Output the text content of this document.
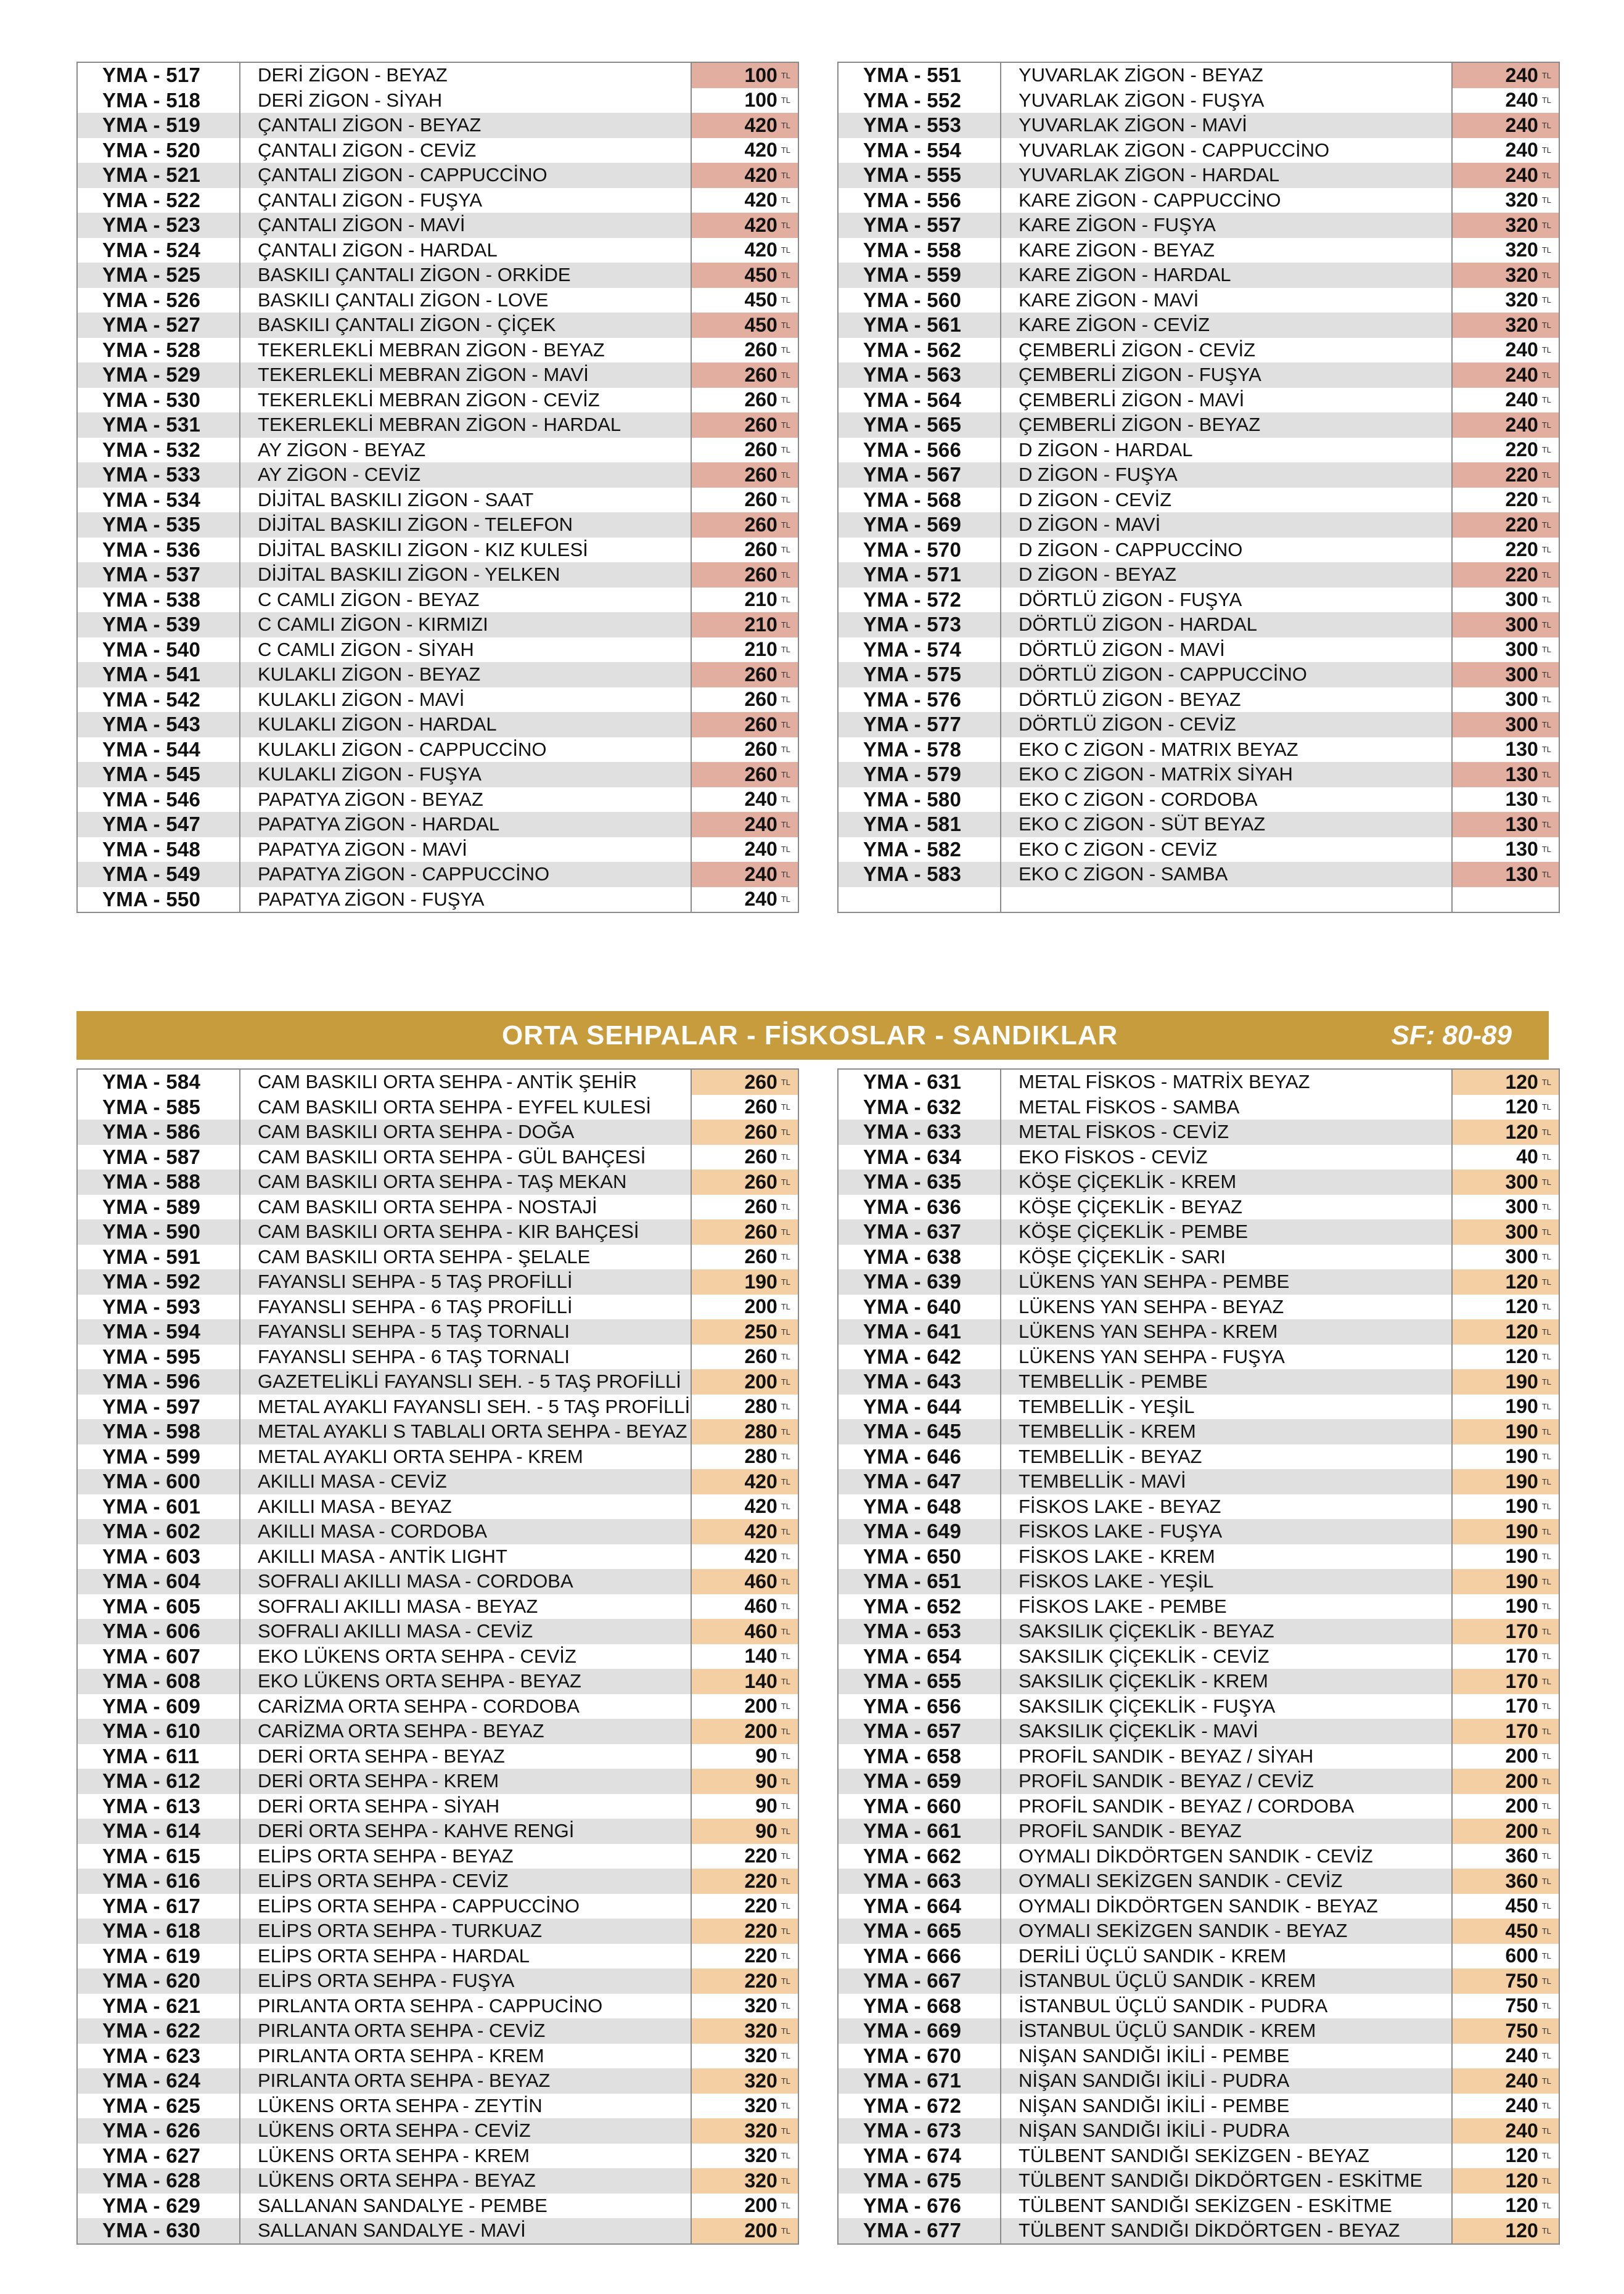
YMA - 517	DERİ ZİGON - BEYAZ	100 TL
YMA - 518	DERİ ZİGON - SİYAH	100 TL
YMA - 519	ÇANTALI ZİGON - BEYAZ	420 TL
YMA - 520	ÇANTALI ZİGON - CEVİZ	420 TL
YMA - 521	ÇANTALI ZİGON - CAPPUCCİNO	420 TL
YMA - 522	ÇANTALI ZİGON - FUŞYA	420 TL
YMA - 523	ÇANTALI ZİGON - MAVİ	420 TL
YMA - 524	ÇANTALI ZİGON - HARDAL	420 TL
YMA - 525	BASKILI ÇANTALI ZİGON - ORKİDE	450 TL
YMA - 526	BASKILI ÇANTALI ZİGON - LOVE	450 TL
YMA - 527	BASKILI ÇANTALI ZİGON - ÇİÇEK	450 TL
YMA - 528	TEKERLEKLİ MEBRAN ZİGON - BEYAZ	260 TL
YMA - 529	TEKERLEKLİ MEBRAN ZİGON - MAVİ	260 TL
YMA - 530	TEKERLEKLİ MEBRAN ZİGON - CEVİZ	260 TL
YMA - 531	TEKERLEKLİ MEBRAN ZİGON - HARDAL	260 TL
YMA - 532	AY ZİGON - BEYAZ	260 TL
YMA - 533	AY ZİGON - CEVİZ	260 TL
YMA - 534	DİJİTAL BASKILI ZİGON - SAAT	260 TL
YMA - 535	DİJİTAL BASKILI ZİGON - TELEFON	260 TL
YMA - 536	DİJİTAL BASKILI ZİGON - KIZ KULESİ	260 TL
YMA - 537	DİJİTAL BASKILI ZİGON - YELKEN	260 TL
YMA - 538	C CAMLI ZİGON - BEYAZ	210 TL
YMA - 539	C CAMLI ZİGON - KIRMIZI	210 TL
YMA - 540	C CAMLI ZİGON - SİYAH	210 TL
YMA - 541	KULAKLI ZİGON - BEYAZ	260 TL
YMA - 542	KULAKLI ZİGON - MAVİ	260 TL
YMA - 543	KULAKLI ZİGON - HARDAL	260 TL
YMA - 544	KULAKLI ZİGON - CAPPUCCİNO	260 TL
YMA - 545	KULAKLI ZİGON - FUŞYA	260 TL
YMA - 546	PAPATYA ZİGON - BEYAZ	240 TL
YMA - 547	PAPATYA ZİGON - HARDAL	240 TL
YMA - 548	PAPATYA ZİGON - MAVİ	240 TL
YMA - 549	PAPATYA ZİGON - CAPPUCCİNO	240 TL
YMA - 550	PAPATYA ZİGON - FUŞYA	240 TL
YMA - 551	YUVARLAK ZİGON - BEYAZ	240 TL
YMA - 552	YUVARLAK ZİGON - FUŞYA	240 TL
YMA - 553	YUVARLAK ZİGON - MAVİ	240 TL
YMA - 554	YUVARLAK ZİGON - CAPPUCCİNO	240 TL
YMA - 555	YUVARLAK ZİGON - HARDAL	240 TL
YMA - 556	KARE ZİGON - CAPPUCCİNO	320 TL
YMA - 557	KARE ZİGON - FUŞYA	320 TL
YMA - 558	KARE ZİGON - BEYAZ	320 TL
YMA - 559	KARE ZİGON - HARDAL	320 TL
YMA - 560	KARE ZİGON - MAVİ	320 TL
YMA - 561	KARE ZİGON - CEVİZ	320 TL
YMA - 562	ÇEMBERLİ ZİGON - CEVİZ	240 TL
YMA - 563	ÇEMBERLİ ZİGON - FUŞYA	240 TL
YMA - 564	ÇEMBERLİ ZİGON - MAVİ	240 TL
YMA - 565	ÇEMBERLİ ZİGON - BEYAZ	240 TL
YMA - 566	D ZİGON - HARDAL	220 TL
YMA - 567	D ZİGON - FUŞYA	220 TL
YMA - 568	D ZİGON - CEVİZ	220 TL
YMA - 569	D ZİGON - MAVİ	220 TL
YMA - 570	D ZİGON - CAPPUCCİNO	220 TL
YMA - 571	D ZİGON - BEYAZ	220 TL
YMA - 572	DÖRTLÜ ZİGON - FUŞYA	300 TL
YMA - 573	DÖRTLÜ ZİGON - HARDAL	300 TL
YMA - 574	DÖRTLÜ ZİGON - MAVİ	300 TL
YMA - 575	DÖRTLÜ ZİGON - CAPPUCCİNO	300 TL
YMA - 576	DÖRTLÜ ZİGON - BEYAZ	300 TL
YMA - 577	DÖRTLÜ ZİGON - CEVİZ	300 TL
YMA - 578	EKO C ZİGON - MATRIX BEYAZ	130 TL
YMA - 579	EKO C ZİGON - MATRİX SİYAH	130 TL
YMA - 580	EKO C ZİGON - CORDOBA	130 TL
YMA - 581	EKO C ZİGON - SÜT BEYAZ	130 TL
YMA - 582	EKO C ZİGON - CEVİZ	130 TL
YMA - 583	EKO C ZİGON - SAMBA	130 TL
ORTA SEHPALAR - FİSKOSLAR - SANDIKLAR	SF: 80-89
YMA - 584	CAM BASKILI ORTA SEHPA - ANTİK ŞEHİR	260 TL
YMA - 585	CAM BASKILI ORTA SEHPA - EYFEL KULESİ	260 TL
YMA - 586	CAM BASKILI ORTA SEHPA - DOĞA	260 TL
YMA - 587	CAM BASKILI ORTA SEHPA - GÜL BAHÇESİ	260 TL
YMA - 588	CAM BASKILI ORTA SEHPA - TAŞ MEKAN	260 TL
YMA - 589	CAM BASKILI ORTA SEHPA - NOSTAJİ	260 TL
YMA - 590	CAM BASKILI ORTA SEHPA - KIR BAHÇESİ	260 TL
YMA - 591	CAM BASKILI ORTA SEHPA - ŞELALE	260 TL
YMA - 592	FAYANSLI SEHPA - 5 TAŞ PROFİLLİ	190 TL
YMA - 593	FAYANSLI SEHPA - 6 TAŞ PROFİLLİ	200 TL
YMA - 594	FAYANSLI SEHPA - 5 TAŞ TORNALI	250 TL
YMA - 595	FAYANSLI SEHPA - 6 TAŞ TORNALI	260 TL
YMA - 596	GAZETELİKLİ FAYANSLI SEH. - 5 TAŞ PROFİLLİ	200 TL
YMA - 597	METAL AYAKLI FAYANSLI SEH. - 5 TAŞ PROFİLLİ	280 TL
YMA - 598	METAL AYAKLI S TABLALI ORTA SEHPA - BEYAZ	280 TL
YMA - 599	METAL AYAKLI ORTA SEHPA - KREM	280 TL
YMA - 600	AKILLI MASA - CEVİZ	420 TL
YMA - 601	AKILLI MASA - BEYAZ	420 TL
YMA - 602	AKILLI MASA - CORDOBA	420 TL
YMA - 603	AKILLI MASA - ANTİK LIGHT	420 TL
YMA - 604	SOFRALI AKILLI MASA - CORDOBA	460 TL
YMA - 605	SOFRALI AKILLI MASA - BEYAZ	460 TL
YMA - 606	SOFRALI AKILLI MASA - CEVİZ	460 TL
YMA - 607	EKO LÜKENS ORTA SEHPA - CEVİZ	140 TL
YMA - 608	EKO LÜKENS ORTA SEHPA - BEYAZ	140 TL
YMA - 609	CARİZMA ORTA SEHPA - CORDOBA	200 TL
YMA - 610	CARİZMA ORTA SEHPA - BEYAZ	200 TL
YMA - 611	DERİ ORTA SEHPA - BEYAZ	90 TL
YMA - 612	DERİ ORTA SEHPA - KREM	90 TL
YMA - 613	DERİ ORTA SEHPA - SİYAH	90 TL
YMA - 614	DERİ ORTA SEHPA - KAHVE RENGİ	90 TL
YMA - 615	ELİPS ORTA SEHPA - BEYAZ	220 TL
YMA - 616	ELİPS ORTA SEHPA - CEVİZ	220 TL
YMA - 617	ELİPS ORTA SEHPA - CAPPUCCİNO	220 TL
YMA - 618	ELİPS ORTA SEHPA - TURKUAZ	220 TL
YMA - 619	ELİPS ORTA SEHPA - HARDAL	220 TL
YMA - 620	ELİPS ORTA SEHPA - FUŞYA	220 TL
YMA - 621	PIRLANTA ORTA SEHPA - CAPPUCİNO	320 TL
YMA - 622	PIRLANTA ORTA SEHPA - CEVİZ	320 TL
YMA - 623	PIRLANTA ORTA SEHPA - KREM	320 TL
YMA - 624	PIRLANTA ORTA SEHPA - BEYAZ	320 TL
YMA - 625	LÜKENS ORTA SEHPA - ZEYTİN	320 TL
YMA - 626	LÜKENS ORTA SEHPA - CEVİZ	320 TL
YMA - 627	LÜKENS ORTA SEHPA - KREM	320 TL
YMA - 628	LÜKENS ORTA SEHPA - BEYAZ	320 TL
YMA - 629	SALLANAN SANDALYE - PEMBE	200 TL
YMA - 630	SALLANAN SANDALYE - MAVİ	200 TL
YMA - 631	METAL FİSKOS - MATRİX BEYAZ	120 TL
YMA - 632	METAL FİSKOS - SAMBA	120 TL
YMA - 633	METAL FİSKOS - CEVİZ	120 TL
YMA - 634	EKO FİSKOS - CEVİZ	40 TL
YMA - 635	KÖŞE ÇİÇEKLİK - KREM	300 TL
YMA - 636	KÖŞE ÇİÇEKLİK - BEYAZ	300 TL
YMA - 637	KÖŞE ÇİÇEKLİK - PEMBE	300 TL
YMA - 638	KÖŞE ÇİÇEKLİK - SARI	300 TL
YMA - 639	LÜKENS YAN SEHPA - PEMBE	120 TL
YMA - 640	LÜKENS YAN SEHPA - BEYAZ	120 TL
YMA - 641	LÜKENS YAN SEHPA - KREM	120 TL
YMA - 642	LÜKENS YAN SEHPA - FUŞYA	120 TL
YMA - 643	TEMBELLİK - PEMBE	190 TL
YMA - 644	TEMBELLİK - YEŞİL	190 TL
YMA - 645	TEMBELLİK - KREM	190 TL
YMA - 646	TEMBELLİK - BEYAZ	190 TL
YMA - 647	TEMBELLİK - MAVİ	190 TL
YMA - 648	FİSKOS LAKE - BEYAZ	190 TL
YMA - 649	FİSKOS LAKE - FUŞYA	190 TL
YMA - 650	FİSKOS LAKE - KREM	190 TL
YMA - 651	FİSKOS LAKE - YEŞİL	190 TL
YMA - 652	FİSKOS LAKE - PEMBE	190 TL
YMA - 653	SAKSILIK ÇİÇEKLİK - BEYAZ	170 TL
YMA - 654	SAKSILIK ÇİÇEKLİK - CEVİZ	170 TL
YMA - 655	SAKSILIK ÇİÇEKLİK - KREM	170 TL
YMA - 656	SAKSILIK ÇİÇEKLİK - FUŞYA	170 TL
YMA - 657	SAKSILIK ÇİÇEKLİK - MAVİ	170 TL
YMA - 658	PROFİL SANDIK - BEYAZ / SİYAH	200 TL
YMA - 659	PROFİL SANDIK - BEYAZ / CEVİZ	200 TL
YMA - 660	PROFİL SANDIK - BEYAZ / CORDOBA	200 TL
YMA - 661	PROFİL SANDIK - BEYAZ	200 TL
YMA - 662	OYMALI DİKDÖRTGEN SANDIK - CEVİZ	360 TL
YMA - 663	OYMALI SEKİZGEN SANDIK - CEVİZ	360 TL
YMA - 664	OYMALI DİKDÖRTGEN SANDIK - BEYAZ	450 TL
YMA - 665	OYMALI SEKİZGEN SANDIK - BEYAZ	450 TL
YMA - 666	DERİLİ ÜÇLÜ SANDIK - KREM	600 TL
YMA - 667	İSTANBUL ÜÇLÜ SANDIK - KREM	750 TL
YMA - 668	İSTANBUL ÜÇLÜ SANDIK - PUDRA	750 TL
YMA - 669	İSTANBUL ÜÇLÜ SANDIK - KREM	750 TL
YMA - 670	NİŞAN SANDIĞI İKİLİ - PEMBE	240 TL
YMA - 671	NİŞAN SANDIĞI İKİLİ - PUDRA	240 TL
YMA - 672	NİŞAN SANDIĞI İKİLİ - PEMBE	240 TL
YMA - 673	NİŞAN SANDIĞI İKİLİ - PUDRA	240 TL
YMA - 674	TÜLBENT SANDIĞI SEKİZGEN - BEYAZ	120 TL
YMA - 675	TÜLBENT SANDIĞI DİKDÖRTGEN - ESKİTME	120 TL
YMA - 676	TÜLBENT SANDIĞI SEKİZGEN - ESKİTME	120 TL
YMA - 677	TÜLBENT SANDIĞI DİKDÖRTGEN - BEYAZ	120 TL
